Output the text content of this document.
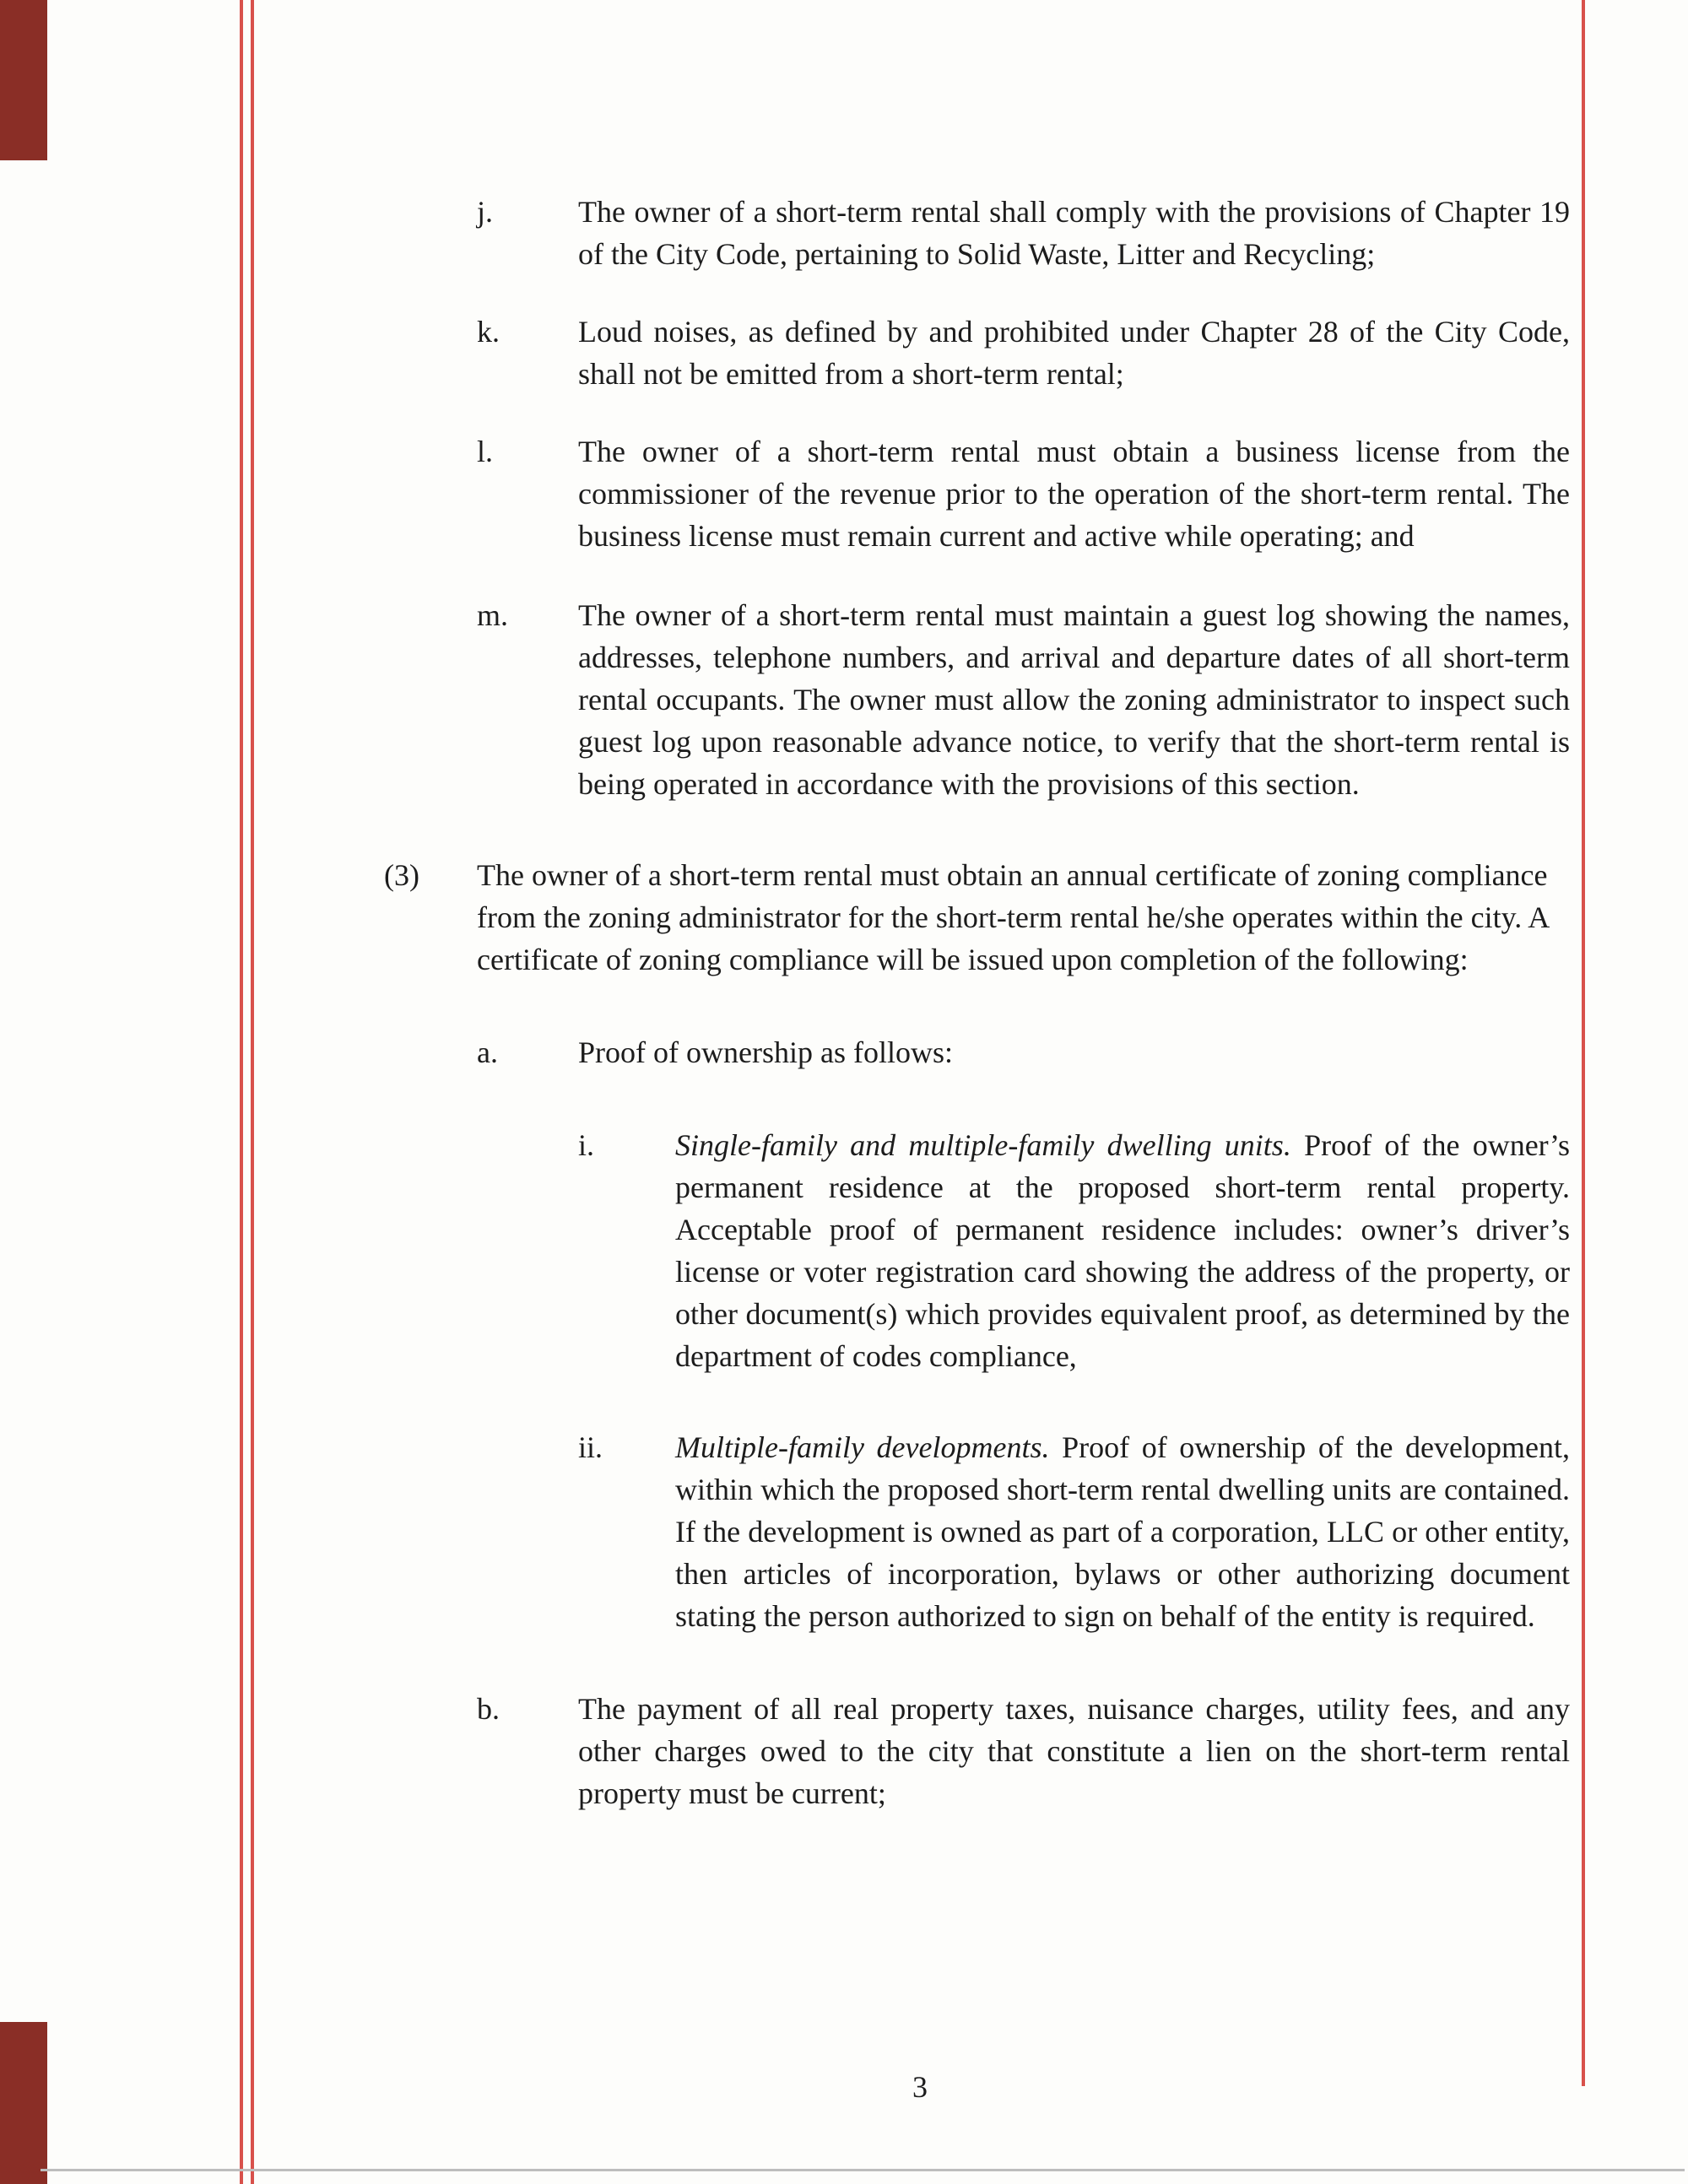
j.	The owner of a short-term rental shall comply with the provisions of Chapter 19 of the City Code, pertaining to Solid Waste, Litter and Recycling;
k.	Loud noises, as defined by and prohibited under Chapter 28 of the City Code, shall not be emitted from a short-term rental;
l.	The owner of a short-term rental must obtain a business license from the commissioner of the revenue prior to the operation of the short-term rental. The business license must remain current and active while operating; and
m.	The owner of a short-term rental must maintain a guest log showing the names, addresses, telephone numbers, and arrival and departure dates of all short-term rental occupants. The owner must allow the zoning administrator to inspect such guest log upon reasonable advance notice, to verify that the short-term rental is being operated in accordance with the provisions of this section.
(3)	The owner of a short-term rental must obtain an annual certificate of zoning compliance from the zoning administrator for the short-term rental he/she operates within the city. A certificate of zoning compliance will be issued upon completion of the following:
a.	Proof of ownership as follows:
i.	Single-family and multiple-family dwelling units. Proof of the owner’s permanent residence at the proposed short-term rental property. Acceptable proof of permanent residence includes: owner’s driver’s license or voter registration card showing the address of the property, or other document(s) which provides equivalent proof, as determined by the department of codes compliance,
ii.	Multiple-family developments. Proof of ownership of the development, within which the proposed short-term rental dwelling units are contained. If the development is owned as part of a corporation, LLC or other entity, then articles of incorporation, bylaws or other authorizing document stating the person authorized to sign on behalf of the entity is required.
b.	The payment of all real property taxes, nuisance charges, utility fees, and any other charges owed to the city that constitute a lien on the short-term rental property must be current;
3
